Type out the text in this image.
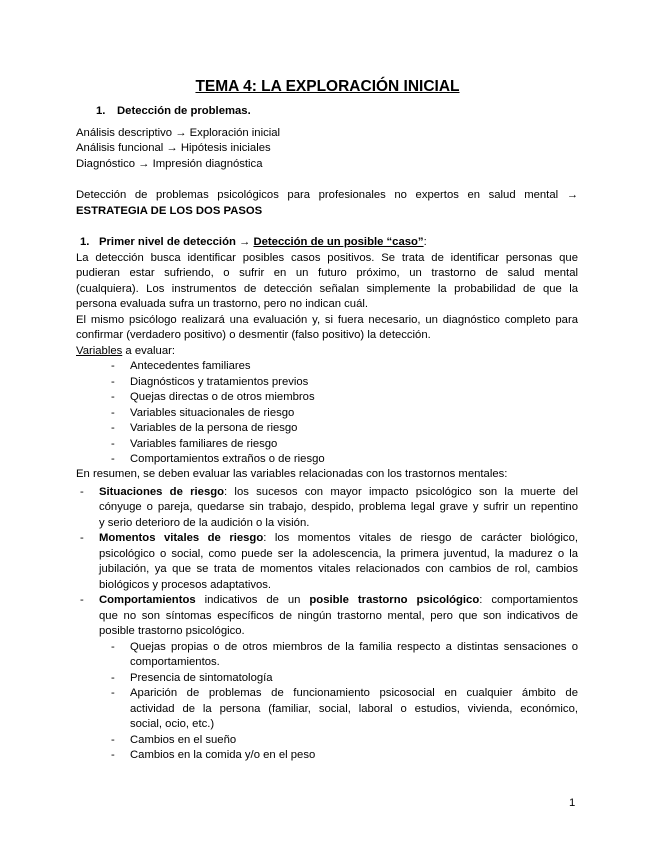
TEMA 4: LA EXPLORACIÓN INICIAL
1. Detección de problemas.
Análisis descriptivo → Exploración inicial
Análisis funcional → Hipótesis iniciales
Diagnóstico → Impresión diagnóstica
Detección de problemas psicológicos para profesionales no expertos en salud mental →
ESTRATEGIA DE LOS DOS PASOS
1. Primer nivel de detección → Detección de un posible “caso”:
La detección busca identificar posibles casos positivos. Se trata de identificar personas que
pudieran estar sufriendo, o sufrir en un futuro próximo, un trastorno de salud mental
(cualquiera). Los instrumentos de detección señalan simplemente la probabilidad de que la
persona evaluada sufra un trastorno, pero no indican cuál.
El mismo psicólogo realizará una evaluación y, si fuera necesario, un diagnóstico completo para
confirmar (verdadero positivo) o desmentir (falso positivo) la detección.
Variables a evaluar:
- Antecedentes familiares
- Diagnósticos y tratamientos previos
- Quejas directas o de otros miembros
- Variables situacionales de riesgo
- Variables de la persona de riesgo
- Variables familiares de riesgo
- Comportamientos extraños o de riesgo
En resumen, se deben evaluar las variables relacionadas con los trastornos mentales:
- Situaciones de riesgo: los sucesos con mayor impacto psicológico son la muerte del
cónyuge o pareja, quedarse sin trabajo, despido, problema legal grave y sufrir un repentino
y serio deterioro de la audición o la visión.
- Momentos vitales de riesgo: los momentos vitales de riesgo de carácter biológico,
psicológico o social, como puede ser la adolescencia, la primera juventud, la madurez o la
jubilación, ya que se trata de momentos vitales relacionados con cambios de rol, cambios
biológicos y procesos adaptativos.
- Comportamientos indicativos de un posible trastorno psicológico: comportamientos
que no son síntomas específicos de ningún trastorno mental, pero que son indicativos de
posible trastorno psicológico.
- Quejas propias o de otros miembros de la familia respecto a distintas sensaciones o
comportamientos.
- Presencia de sintomatología
- Aparición de problemas de funcionamiento psicosocial en cualquier ámbito de
actividad de la persona (familiar, social, laboral o estudios, vivienda, económico,
social, ocio, etc.)
- Cambios en el sueño
- Cambios en la comida y/o en el peso
1
